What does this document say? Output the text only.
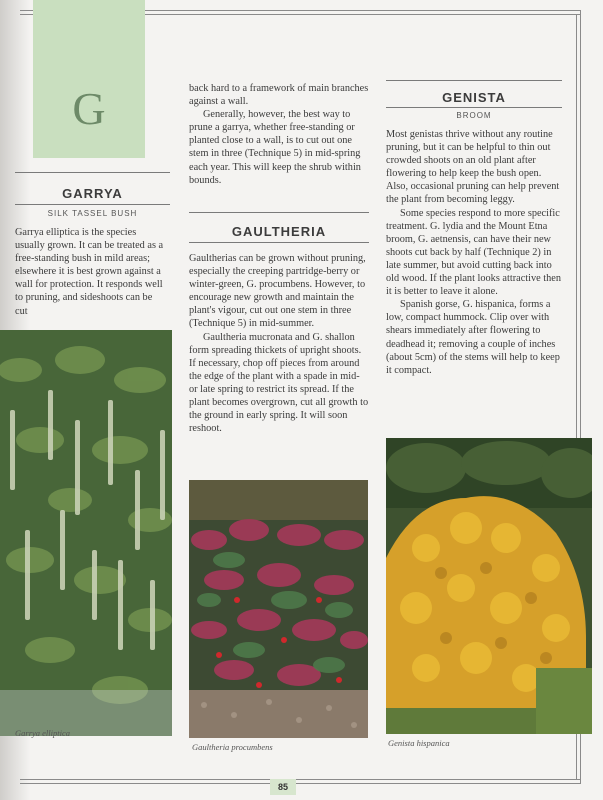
G
GARRYA
SILK TASSEL BUSH

Garrya elliptica is the species usually grown. It can be treated as a free-standing bush in mild areas; elsewhere it is best grown against a wall for protection. It responds well to pruning, and sideshoots can be cut

Garrya elliptica

back hard to a framework of main branches against a wall.

Generally, however, the best way to prune a garrya, whether free-standing or planted close to a wall, is to cut out one stem in three (Technique 5) in mid-spring each year. This will keep the shrub within bounds.

GAULTHERIA

Gaultherias can be grown without pruning, especially the creeping partridge-berry or winter-green, G. procumbens. However, to encourage new growth and maintain the plant's vigour, cut out one stem in three (Technique 5) in mid-summer.

Gaultheria mucronata and G. shallon form spreading thickets of upright shoots. If necessary, chop off pieces from around the edge of the plant with a spade in mid- or late spring to restrict its spread. If the plant becomes overgrown, cut all growth to the ground in early spring. It will soon reshoot.

Gaultheria procumbens
GENISTA
BROOM

Most genistas thrive without any routine pruning, but it can be helpful to thin out crowded shoots on an old plant after flowering to help keep the bush open. Also, occasional pruning can help prevent the plant from becoming leggy.

Some species respond to more specific treatment. G. lydia and the Mount Etna broom, G. aetnensis, can have their new shoots cut back by half (Technique 2) in late summer, but avoid cutting back into old wood. If the plant looks attractive then it is better to leave it alone.

Spanish gorse, G. hispanica, forms a low, compact hummock. Clip over with shears immediately after flowering to deadhead it; removing a couple of inches (about 5cm) of the stems will help to keep it compact.

Genista hispanica
85
